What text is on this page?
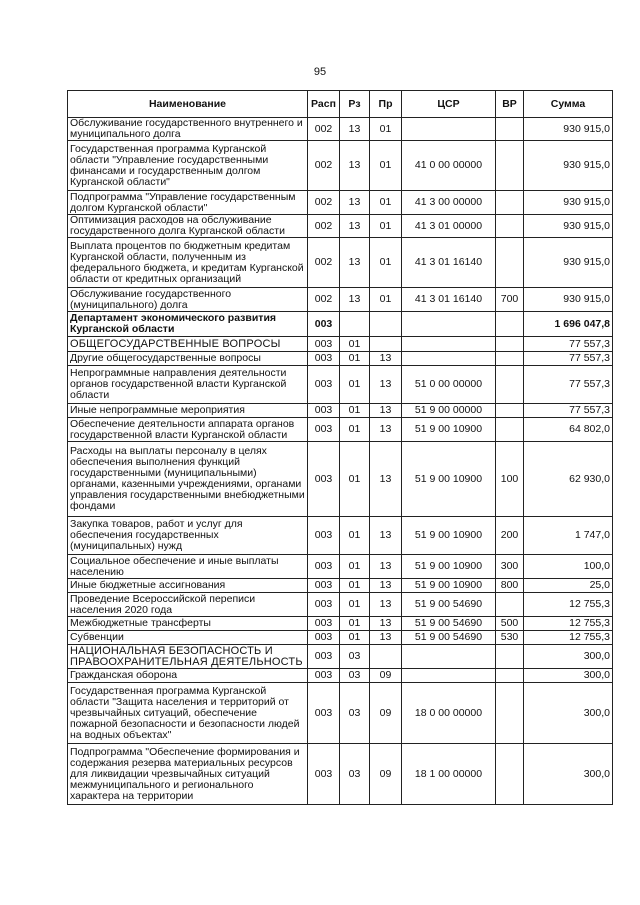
95
Наименование	Расп	Рз	Пр	ЦСР	ВР	Сумма
Обслуживание государственного внутреннего и муниципального долга	002	13	01			930 915,0
Государственная программа Курганской области "Управление государственными финансами и государственным долгом Курганской области"	002	13	01	41 0 00 00000		930 915,0
Подпрограмма "Управление государственным долгом Курганской области"	002	13	01	41 3 00 00000		930 915,0
Оптимизация расходов на обслуживание государственного долга Курганской области	002	13	01	41 3 01 00000		930 915,0
Выплата процентов по бюджетным кредитам Курганской области, полученным из федерального бюджета, и кредитам Курганской области от кредитных организаций	002	13	01	41 3 01 16140		930 915,0
Обслуживание государственного (муниципального) долга	002	13	01	41 3 01 16140	700	930 915,0
Департамент экономического развития Курганской области	003					1 696 047,8
ОБЩЕГОСУДАРСТВЕННЫЕ ВОПРОСЫ	003	01				77 557,3
Другие общегосударственные вопросы	003	01	13			77 557,3
Непрограммные направления деятельности органов государственной власти Курганской области	003	01	13	51 0 00 00000		77 557,3
Иные непрограммные мероприятия	003	01	13	51 9 00 00000		77 557,3
Обеспечение деятельности аппарата органов государственной власти Курганской области	003	01	13	51 9 00 10900		64 802,0
Расходы на выплаты персоналу в целях обеспечения выполнения функций государственными (муниципальными) органами, казенными учреждениями, органами управления государственными внебюджетными фондами	003	01	13	51 9 00 10900	100	62 930,0
Закупка товаров, работ и услуг для обеспечения государственных (муниципальных) нужд	003	01	13	51 9 00 10900	200	1 747,0
Социальное обеспечение и иные выплаты населению	003	01	13	51 9 00 10900	300	100,0
Иные бюджетные ассигнования	003	01	13	51 9 00 10900	800	25,0
Проведение Всероссийской переписи населения 2020 года	003	01	13	51 9 00 54690		12 755,3
Межбюджетные трансферты	003	01	13	51 9 00 54690	500	12 755,3
Субвенции	003	01	13	51 9 00 54690	530	12 755,3
НАЦИОНАЛЬНАЯ БЕЗОПАСНОСТЬ И ПРАВООХРАНИТЕЛЬНАЯ ДЕЯТЕЛЬНОСТЬ	003	03				300,0
Гражданская оборона	003	03	09			300,0
Государственная программа Курганской области "Защита населения и территорий от чрезвычайных ситуаций, обеспечение пожарной безопасности и безопасности людей на водных объектах"	003	03	09	18 0 00 00000		300,0
Подпрограмма "Обеспечение формирования и содержания резерва материальных ресурсов для ликвидации чрезвычайных ситуаций межмуниципального и регионального характера на территории	003	03	09	18 1 00 00000		300,0
